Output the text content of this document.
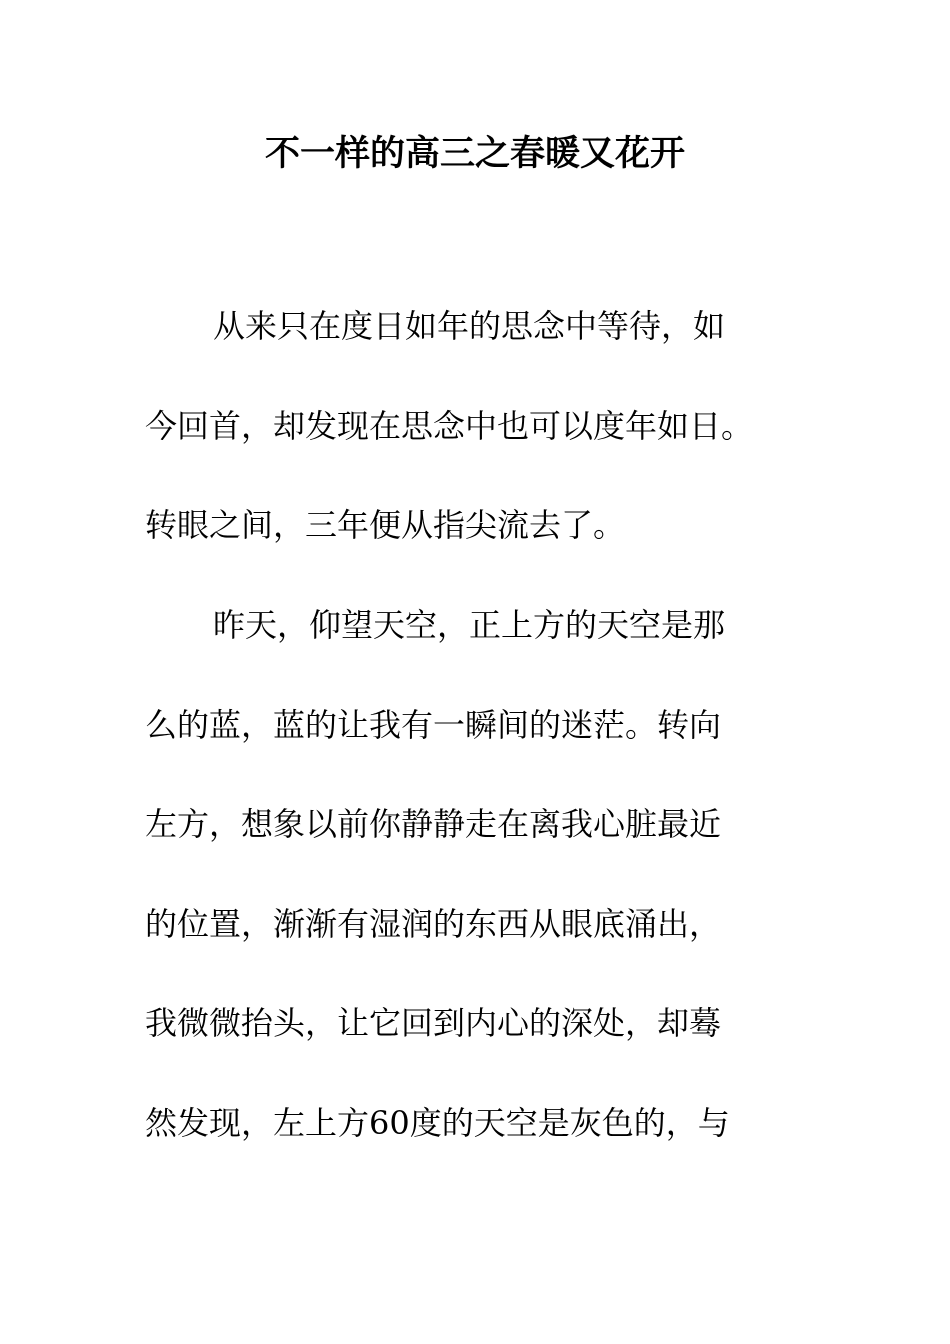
不一样的高三之春暖又花开

从来只在度日如年的思念中等待，如

今回首，却发现在思念中也可以度年如日。

转眼之间，三年便从指尖流去了。

昨天，仰望天空，正上方的天空是那

么的蓝，蓝的让我有一瞬间的迷茫。转向

左方，想象以前你静静走在离我心脏最近

的位置，渐渐有湿润的东西从眼底涌出，

我微微抬头，让它回到内心的深处，却蓦

然发现，左上方60度的天空是灰色的，与
